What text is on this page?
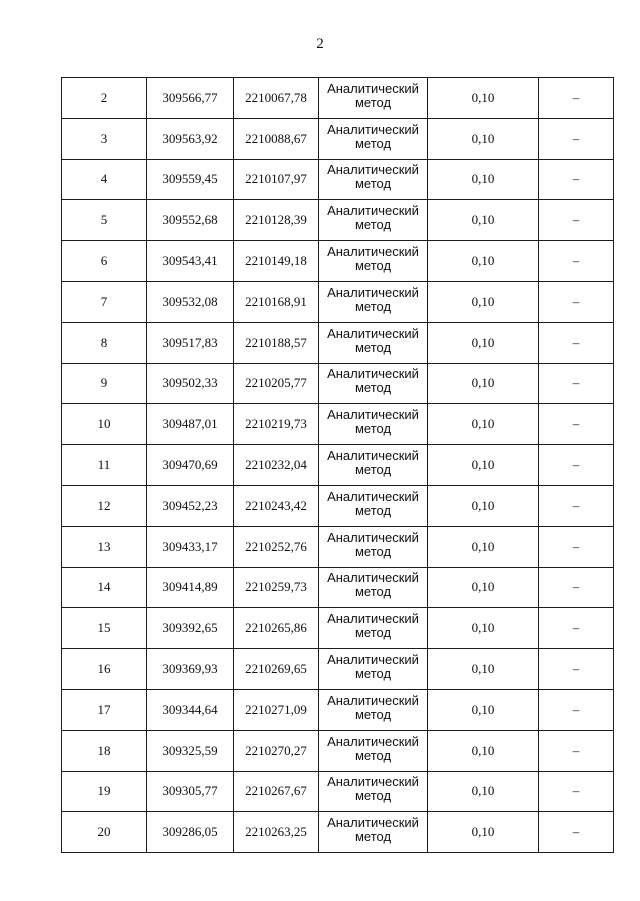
2
2	309566,77	2210067,78	Аналитический
метод	0,10	–
3	309563,92	2210088,67	Аналитический
метод	0,10	–
4	309559,45	2210107,97	Аналитический
метод	0,10	–
5	309552,68	2210128,39	Аналитический
метод	0,10	–
6	309543,41	2210149,18	Аналитический
метод	0,10	–
7	309532,08	2210168,91	Аналитический
метод	0,10	–
8	309517,83	2210188,57	Аналитический
метод	0,10	–
9	309502,33	2210205,77	Аналитический
метод	0,10	–
10	309487,01	2210219,73	Аналитический
метод	0,10	–
11	309470,69	2210232,04	Аналитический
метод	0,10	–
12	309452,23	2210243,42	Аналитический
метод	0,10	–
13	309433,17	2210252,76	Аналитический
метод	0,10	–
14	309414,89	2210259,73	Аналитический
метод	0,10	–
15	309392,65	2210265,86	Аналитический
метод	0,10	–
16	309369,93	2210269,65	Аналитический
метод	0,10	–
17	309344,64	2210271,09	Аналитический
метод	0,10	–
18	309325,59	2210270,27	Аналитический
метод	0,10	–
19	309305,77	2210267,67	Аналитический
метод	0,10	–
20	309286,05	2210263,25	Аналитический
метод	0,10	–
